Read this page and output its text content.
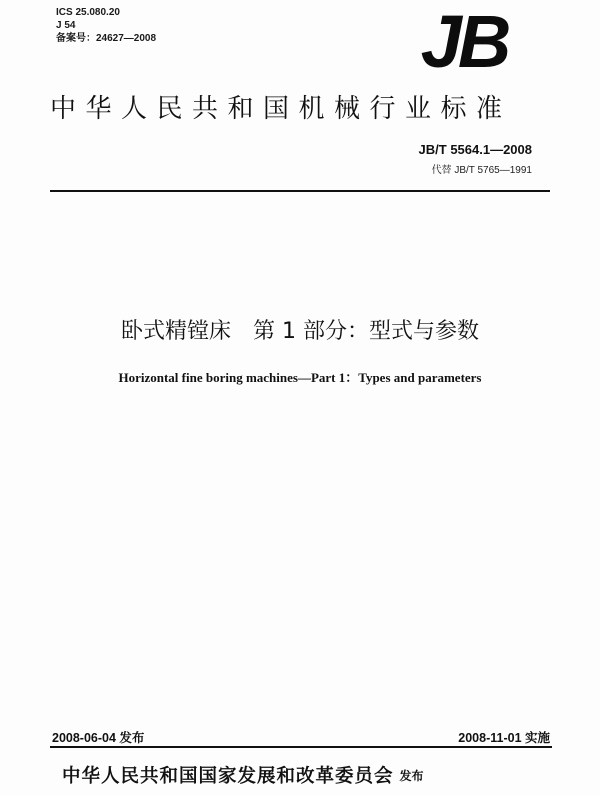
ICS 25.080.20
J 54
备案号：24627—2008	JB
中华人民共和国机械行业标准
JB/T 5564.1—2008
代替 JB/T 5765—1991
卧式精镗床　第 1 部分：型式与参数
Horizontal fine boring machines—Part 1：Types and parameters
2008-06-04 发布	2008-11-01 实施
中华人民共和国国家发展和改革委员会 发布
